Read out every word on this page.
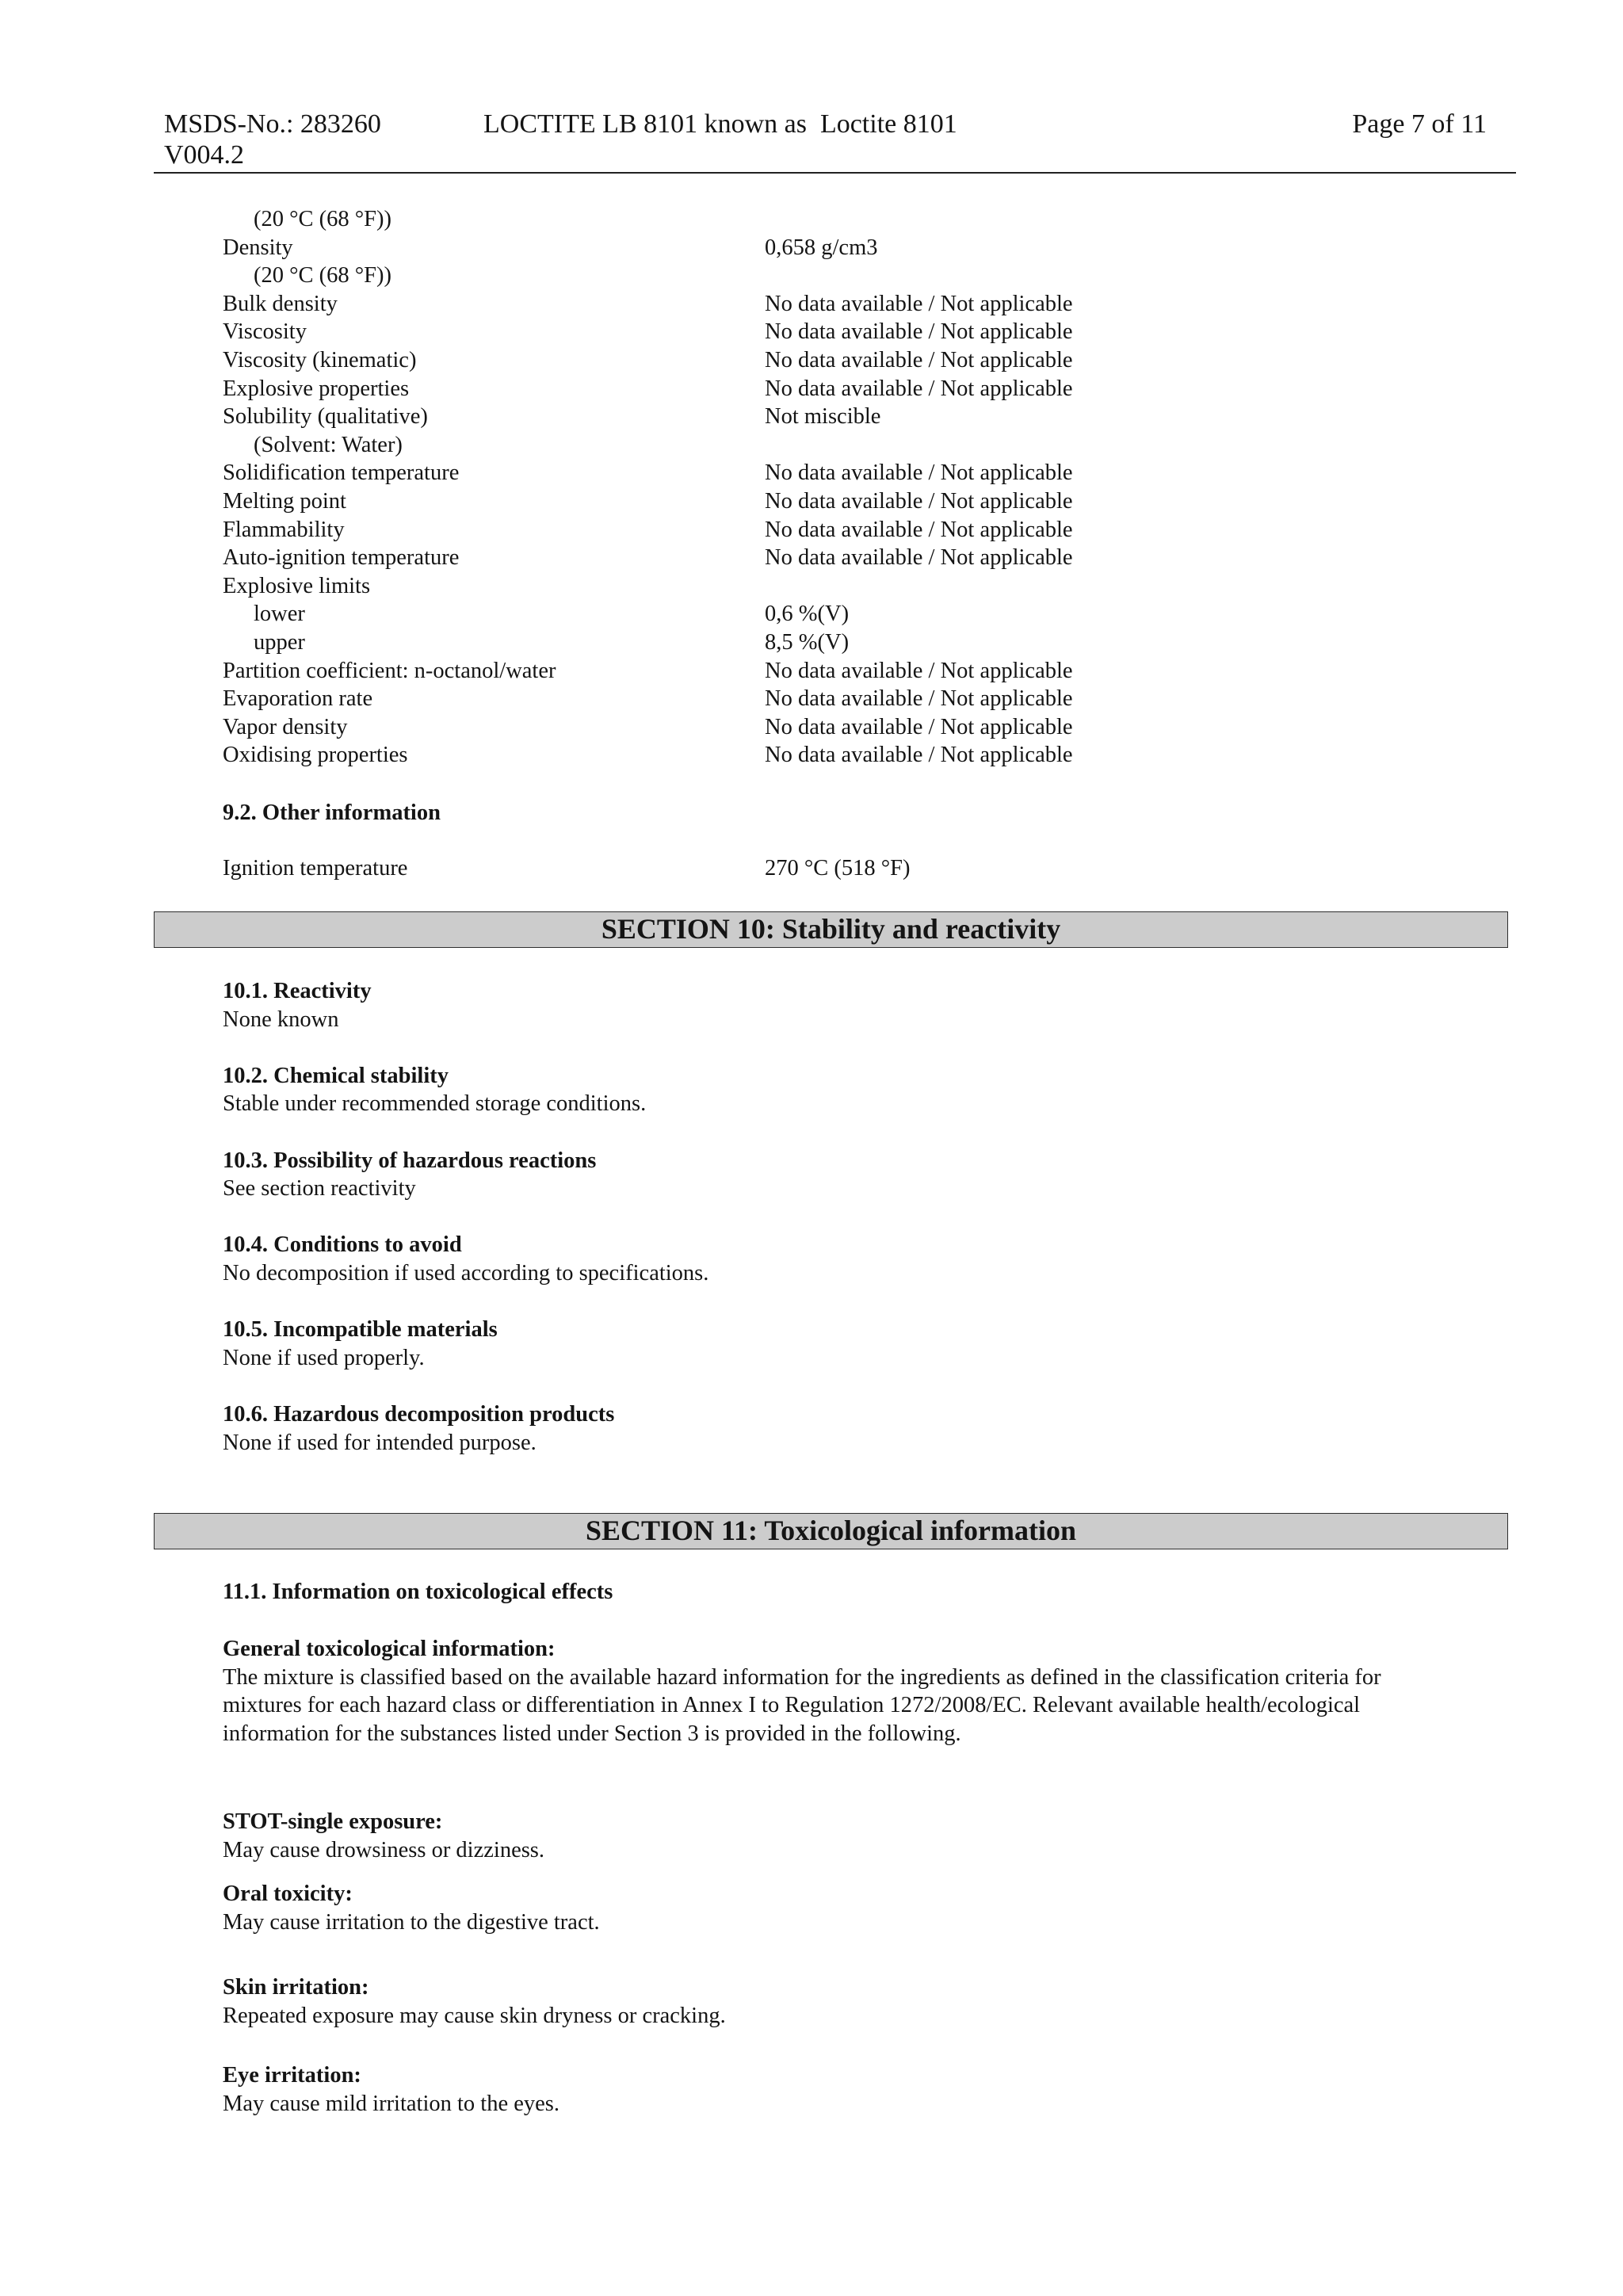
MSDS-No.: 283260
V004.2
LOCTITE LB 8101 known as  Loctite 8101	Page 7 of 11
(20 °C (68 °F))
Density	0,658 g/cm3
(20 °C (68 °F))
Bulk density	No data available / Not applicable
Viscosity	No data available / Not applicable
Viscosity (kinematic)	No data available / Not applicable
Explosive properties	No data available / Not applicable
Solubility (qualitative)	Not miscible
(Solvent: Water)
Solidification temperature	No data available / Not applicable
Melting point	No data available / Not applicable
Flammability	No data available / Not applicable
Auto-ignition temperature	No data available / Not applicable
Explosive limits
lower	0,6 %(V)
upper	8,5 %(V)
Partition coefficient: n-octanol/water	No data available / Not applicable
Evaporation rate	No data available / Not applicable
Vapor density	No data available / Not applicable
Oxidising properties	No data available / Not applicable
9.2. Other information
Ignition temperature	270 °C (518 °F)
SECTION 10: Stability and reactivity
10.1. Reactivity
None known
10.2. Chemical stability
Stable under recommended storage conditions.
10.3. Possibility of hazardous reactions
See section reactivity
10.4. Conditions to avoid
No decomposition if used according to specifications.
10.5. Incompatible materials
None if used properly.
10.6. Hazardous decomposition products
None if used for intended purpose.
SECTION 11: Toxicological information
11.1. Information on toxicological effects
General toxicological information:
The mixture is classified based on the available hazard information for the ingredients as defined in the classification criteria for
mixtures for each hazard class or differentiation in Annex I to Regulation 1272/2008/EC. Relevant available health/ecological
information for the substances listed under Section 3 is provided in the following.
STOT-single exposure:
May cause drowsiness or dizziness.
Oral toxicity:
May cause irritation to the digestive tract.
Skin irritation:
Repeated exposure may cause skin dryness or cracking.
Eye irritation:
May cause mild irritation to the eyes.
